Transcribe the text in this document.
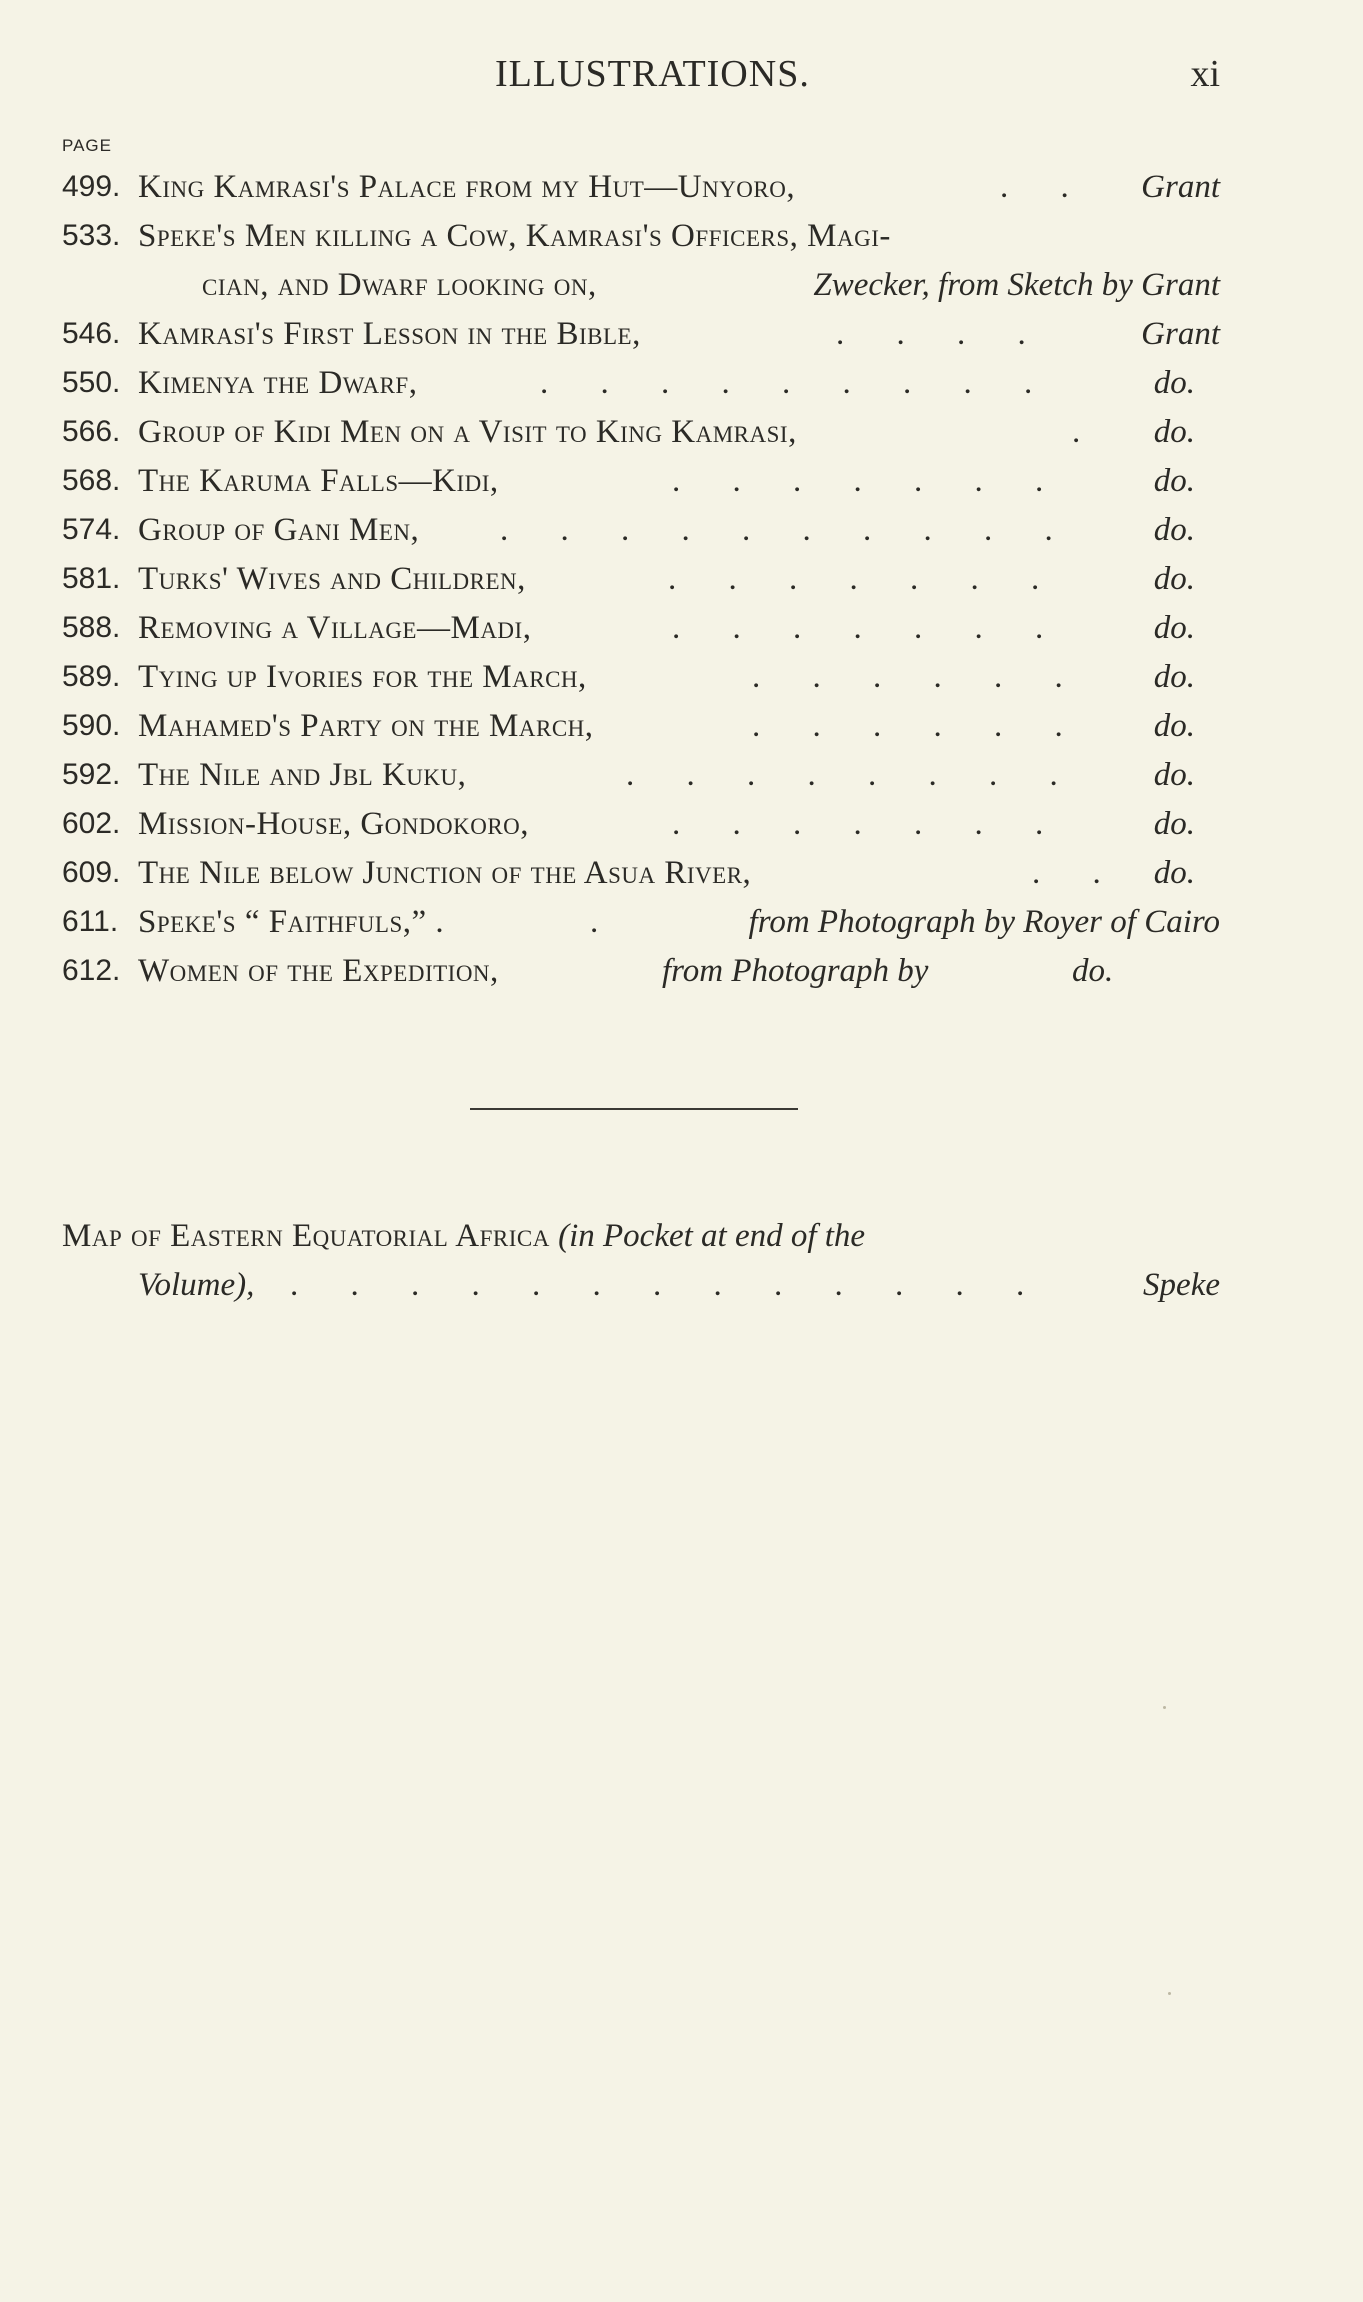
ILLUSTRATIONS.	xi
PAGE
499. King Kamrasi's Palace from my Hut—Unyoro,	. . Grant
533. Speke's Men killing a Cow, Kamrasi's Officers, Magi-
cian, and Dwarf looking on,	Zwecker, from Sketch by Grant
546. Kamrasi's First Lesson in the Bible,	. . . .	Grant
550. Kimenya the Dwarf,	. . . . . . . . .	do.
566. Group of Kidi Men on a Visit to King Kamrasi,	. do.
568. The Karuma Falls—Kidi,	. . . . . . .	do.
574. Group of Gani Men, . . . . . . . . . . do.
581. Turks' Wives and Children,	. . . . . . .	do.
588. Removing a Village—Madi,	. . . . . . .	do.
589. Tying up Ivories for the March,	. . . . . . do.
590. Mahamed's Party on the March,	. . . . . . do.
592. The Nile and Jbl Kuku,	. . . . . . . . do.
602. Mission-House, Gondokoro,	. . . . . . .	do.
609. The Nile below Junction of the Asua River,	. . do.
611. Speke's “ Faithfuls,” .	.	from Photograph by Royer of Cairo
612. Women of the Expedition,	from Photograph by	do.
Map of Eastern Equatorial Africa (in Pocket at end of the
Volume), . . . . . . . . . . . . .	Speke
